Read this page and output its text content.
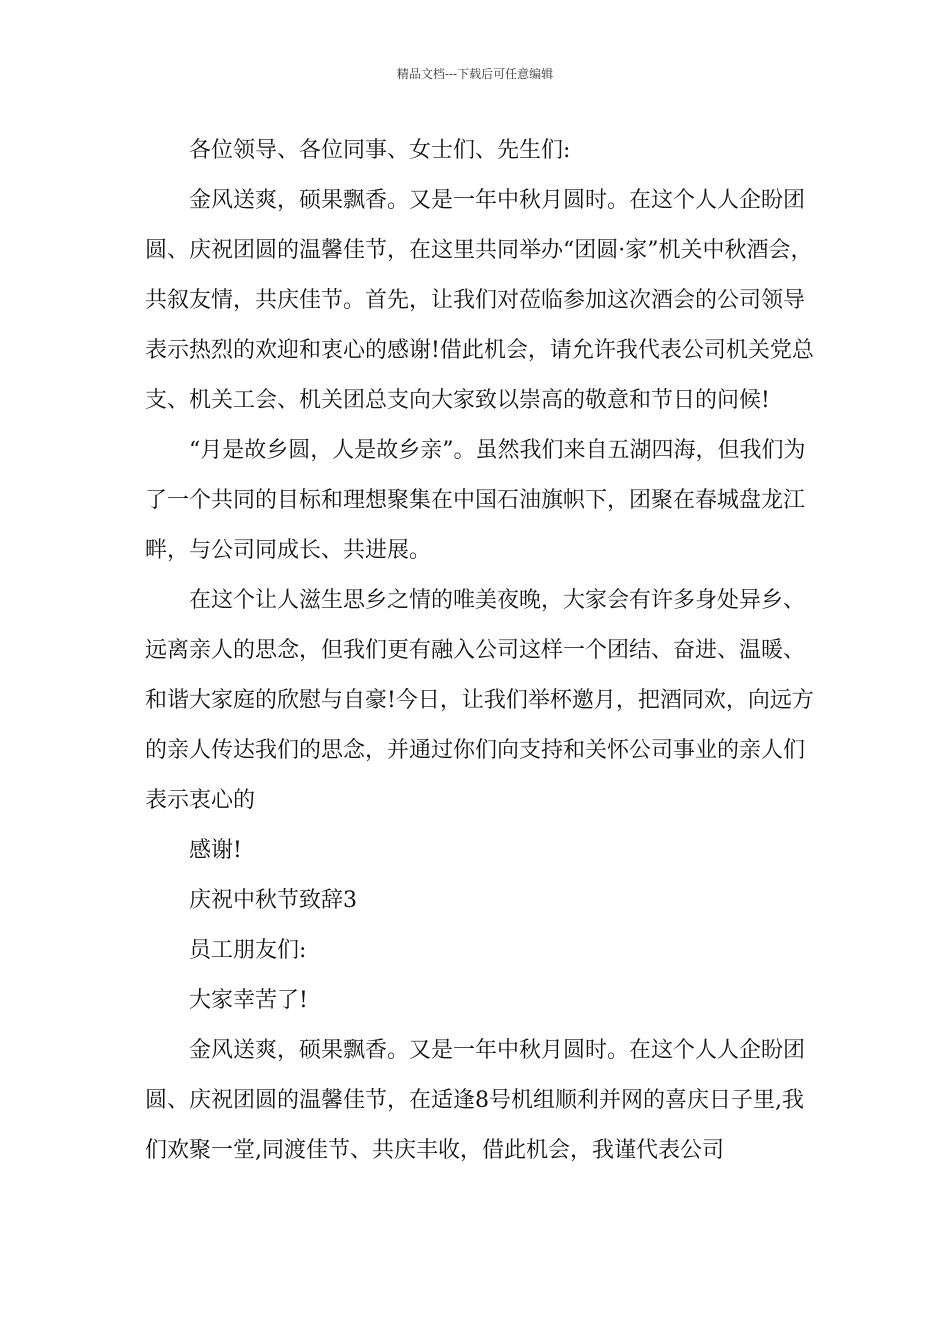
精品文档---下载后可任意编辑

各位领导、各位同事、女士们、先生们:

金风送爽，硕果飘香。又是一年中秋月圆时。在这个人人企盼团圆、庆祝团圆的温馨佳节，在这里共同举办“团圆·家”机关中秋酒会，共叙友情，共庆佳节。首先，让我们对莅临参加这次酒会的公司领导表示热烈的欢迎和衷心的感谢!借此机会，请允许我代表公司机关党总支、机关工会、机关团总支向大家致以崇高的敬意和节日的问候!

“月是故乡圆，人是故乡亲”。虽然我们来自五湖四海，但我们为了一个共同的目标和理想聚集在中国石油旗帜下，团聚在春城盘龙江畔，与公司同成长、共进展。

在这个让人滋生思乡之情的唯美夜晚，大家会有许多身处异乡、远离亲人的思念，但我们更有融入公司这样一个团结、奋进、温暖、和谐大家庭的欣慰与自豪!今日，让我们举杯邀月，把酒同欢，向远方的亲人传达我们的思念，并通过你们向支持和关怀公司事业的亲人们表示衷心的

感谢!

庆祝中秋节致辞3

员工朋友们:

大家幸苦了!

金风送爽，硕果飘香。又是一年中秋月圆时。在这个人人企盼团圆、庆祝团圆的温馨佳节，在适逢8号机组顺利并网的喜庆日子里,我们欢聚一堂,同渡佳节、共庆丰收，借此机会，我谨代表公司
